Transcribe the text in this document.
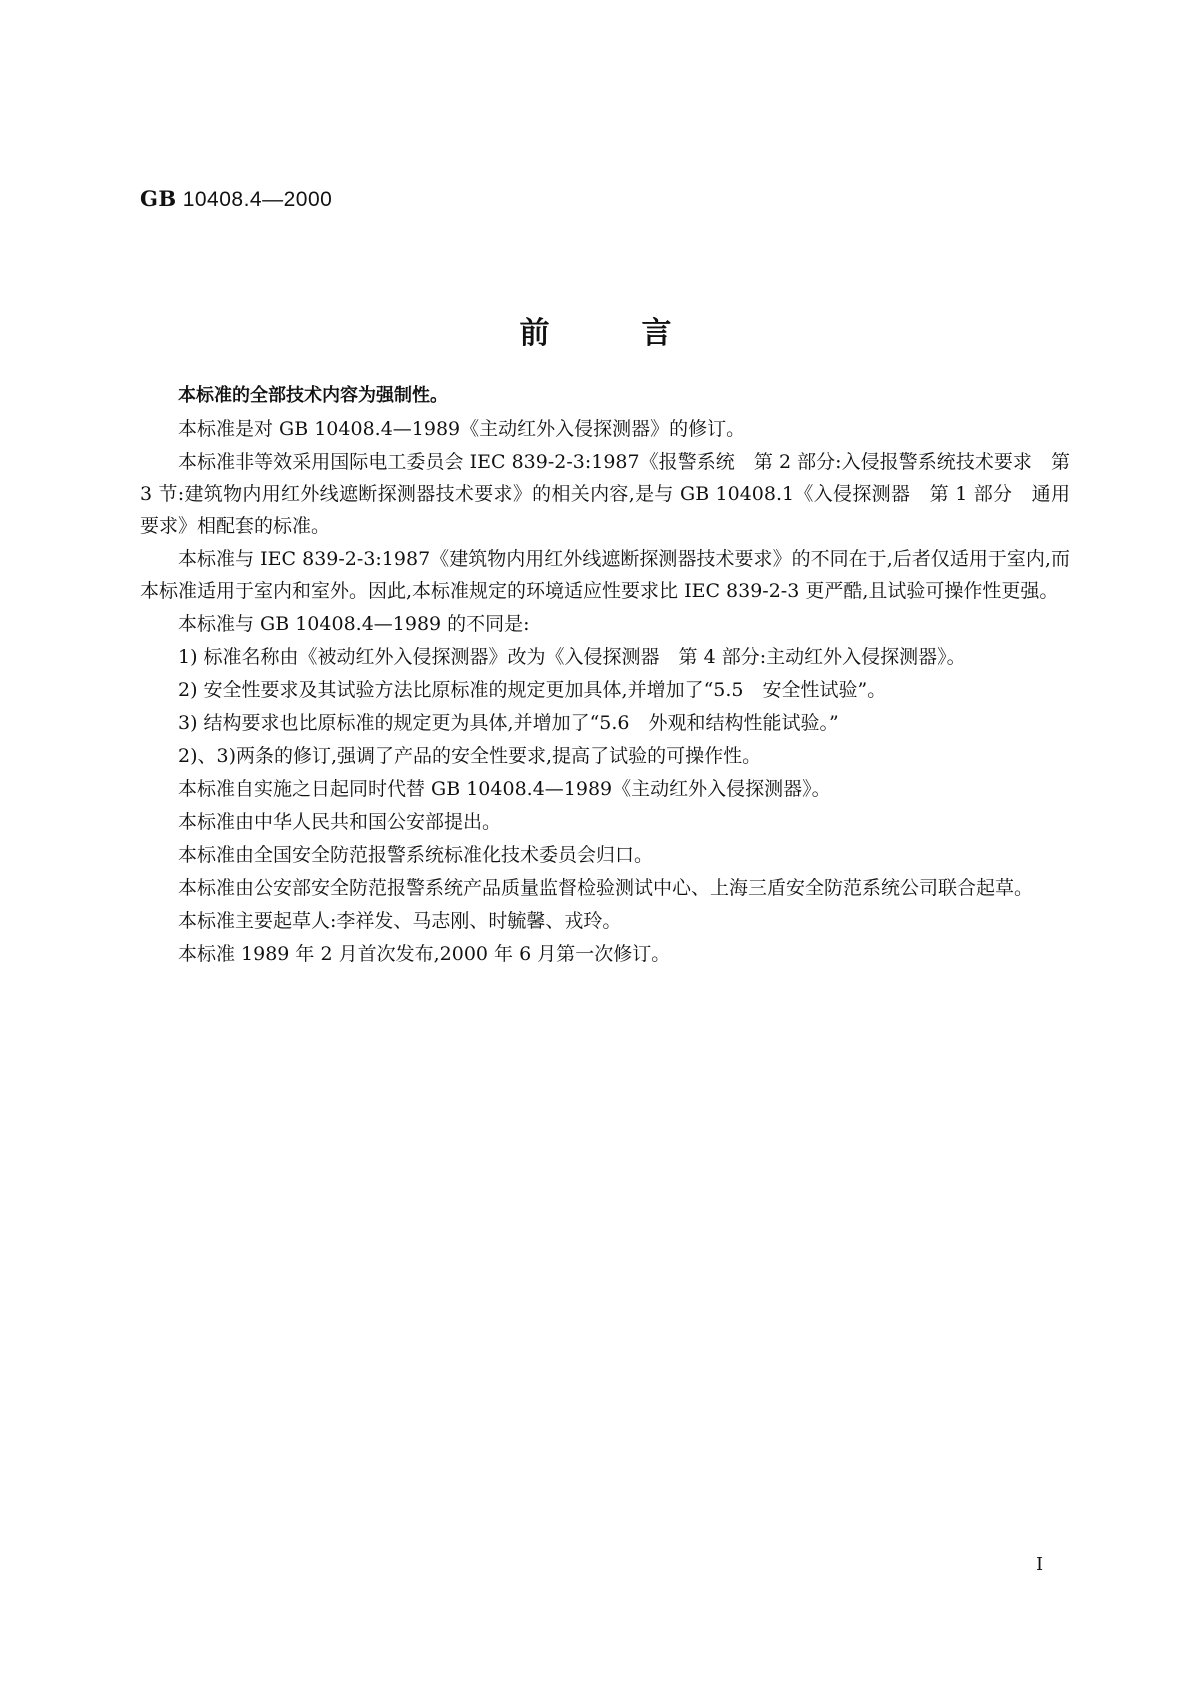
GB 10408.4—2000
前言

本标准的全部技术内容为强制性。

本标准是对 GB 10408.4—1989《主动红外入侵探测器》的修订。

本标准非等效采用国际电工委员会 IEC 839-2-3:1987《报警系统　第 2 部分:入侵报警系统技术要求　第 3 节:建筑物内用红外线遮断探测器技术要求》的相关内容,是与 GB 10408.1《入侵探测器　第 1 部分　通用要求》相配套的标准。

本标准与 IEC 839-2-3:1987《建筑物内用红外线遮断探测器技术要求》的不同在于,后者仅适用于室内,而本标准适用于室内和室外。因此,本标准规定的环境适应性要求比 IEC 839-2-3 更严酷,且试验可操作性更强。

本标准与 GB 10408.4—1989 的不同是:

1) 标准名称由《被动红外入侵探测器》改为《入侵探测器　第 4 部分:主动红外入侵探测器》。

2) 安全性要求及其试验方法比原标准的规定更加具体,并增加了“5.5　安全性试验”。

3) 结构要求也比原标准的规定更为具体,并增加了“5.6　外观和结构性能试验。”

2)、3)两条的修订,强调了产品的安全性要求,提高了试验的可操作性。

本标准自实施之日起同时代替 GB 10408.4—1989《主动红外入侵探测器》。

本标准由中华人民共和国公安部提出。

本标准由全国安全防范报警系统标准化技术委员会归口。

本标准由公安部安全防范报警系统产品质量监督检验测试中心、上海三盾安全防范系统公司联合起草。

本标准主要起草人:李祥发、马志刚、时毓馨、戎玲。

本标准 1989 年 2 月首次发布,2000 年 6 月第一次修订。

I
